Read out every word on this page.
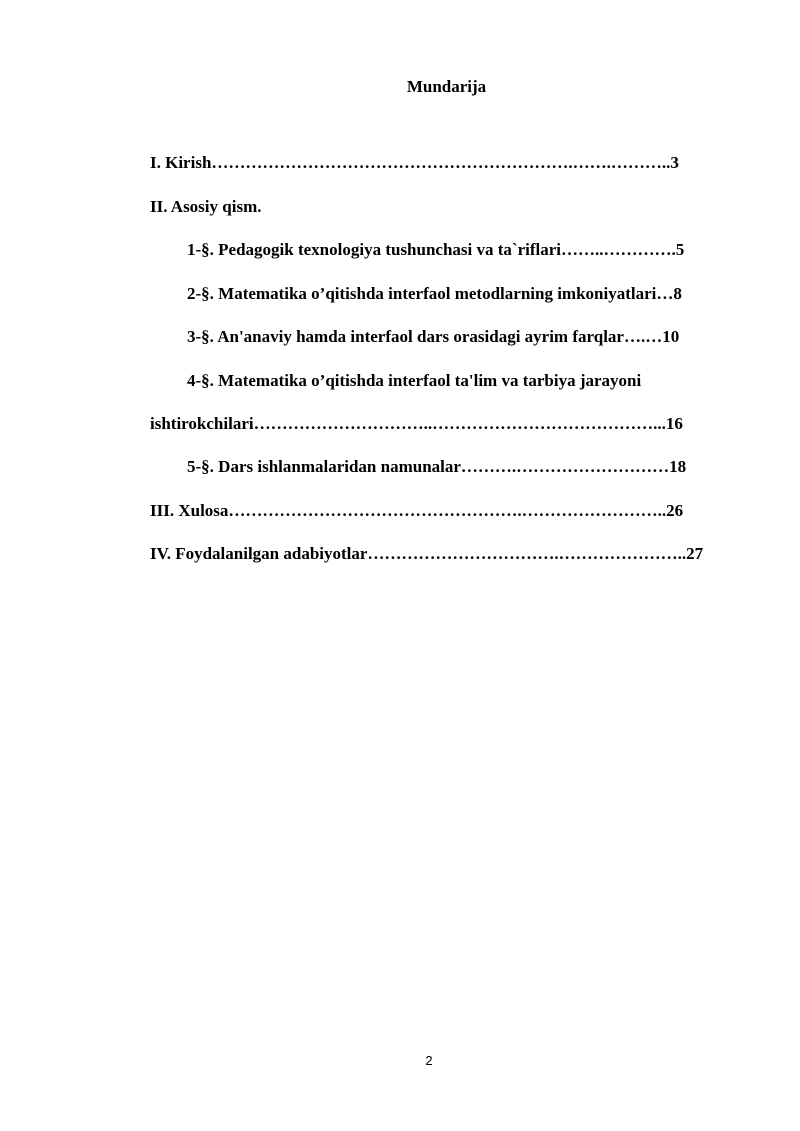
Mundarija
I. Kirish……………………………………………………….…….………..3
II. Asosiy qism.
1-§. Pedagogik texnologiya tushunchasi va ta`riflari……..………….5
2-§. Matematika o’qitishda interfaol metodlarning imkoniyatlari…8
3-§. An'anaviy hamda interfaol dars orasidagi ayrim farqlar….…10
4-§. Matematika o’qitishda interfaol ta'lim va tarbiya jarayoni
ishtirokchilari…………………………..…………………………………...16
5-§. Dars ishlanmalaridan namunalar……….………………………18
III. Xulosa…………………………………………….……………………..26
IV. Foydalanilgan adabiyotlar…………………………….…………………..27
2
